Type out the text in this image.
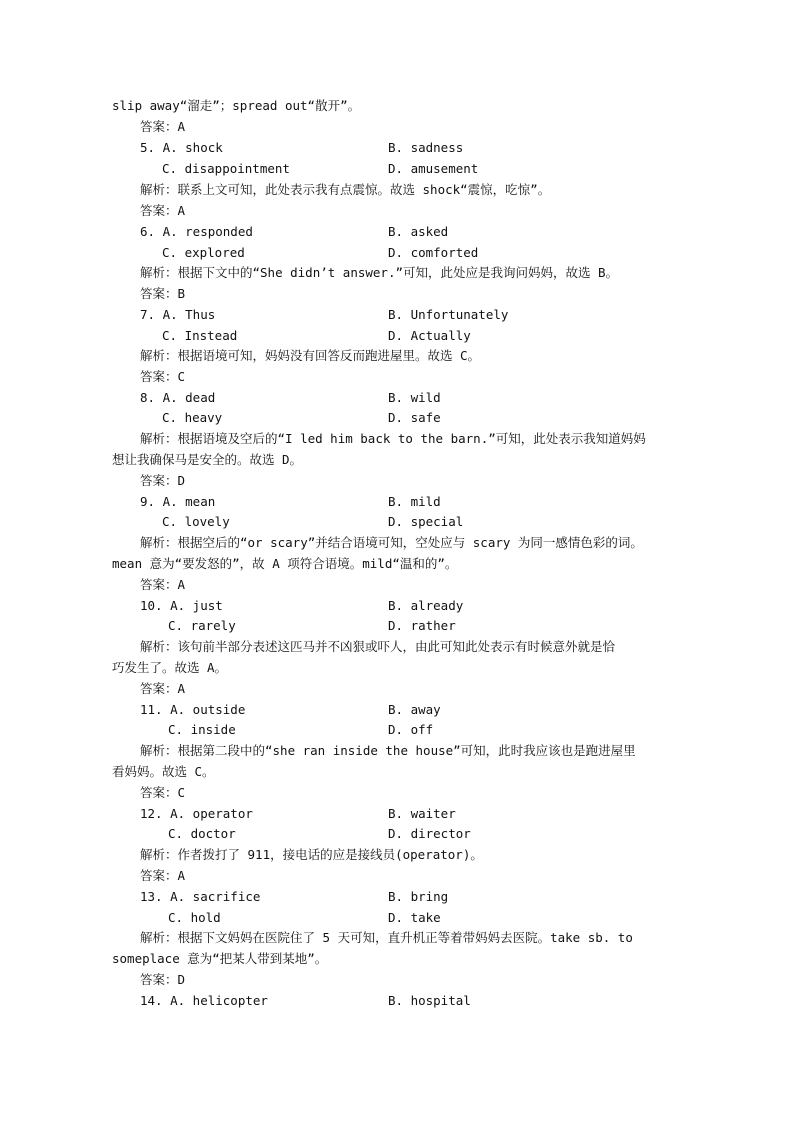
slip away“溜走”；spread out“散开”。
答案：A
5. A. shock	B. sadness
C. disappointment	D. amusement
解析：联系上文可知，此处表示我有点震惊。故选 shock“震惊，吃惊”。
答案：A
6. A. responded	B. asked
C. explored	D. comforted
解析：根据下文中的“She didn’t answer.”可知，此处应是我询问妈妈，故选 B。
答案：B
7. A. Thus	B. Unfortunately
C. Instead	D. Actually
解析：根据语境可知，妈妈没有回答反而跑进屋里。故选 C。
答案：C
8. A. dead	B. wild
C. heavy	D. safe
解析：根据语境及空后的“I led him back to the barn.”可知，此处表示我知道妈妈
想让我确保马是安全的。故选 D。
答案：D
9. A. mean	B. mild
C. lovely	D. special
解析：根据空后的“or scary”并结合语境可知，空处应与 scary 为同一感情色彩的词。
mean 意为“要发怒的”，故 A 项符合语境。mild“温和的”。
答案：A
10. A. just	B. already
C. rarely	D. rather
解析：该句前半部分表述这匹马并不凶狠或吓人，由此可知此处表示有时候意外就是恰
巧发生了。故选 A。
答案：A
11. A. outside	B. away
C. inside	D. off
解析：根据第二段中的“she ran inside the house”可知，此时我应该也是跑进屋里
看妈妈。故选 C。
答案：C
12. A. operator	B. waiter
C. doctor	D. director
解析：作者拨打了 911，接电话的应是接线员(operator)。
答案：A
13. A. sacrifice	B. bring
C. hold	D. take
解析：根据下文妈妈在医院住了 5 天可知，直升机正等着带妈妈去医院。take sb. to
someplace 意为“把某人带到某地”。
答案：D
14. A. helicopter	B. hospital
